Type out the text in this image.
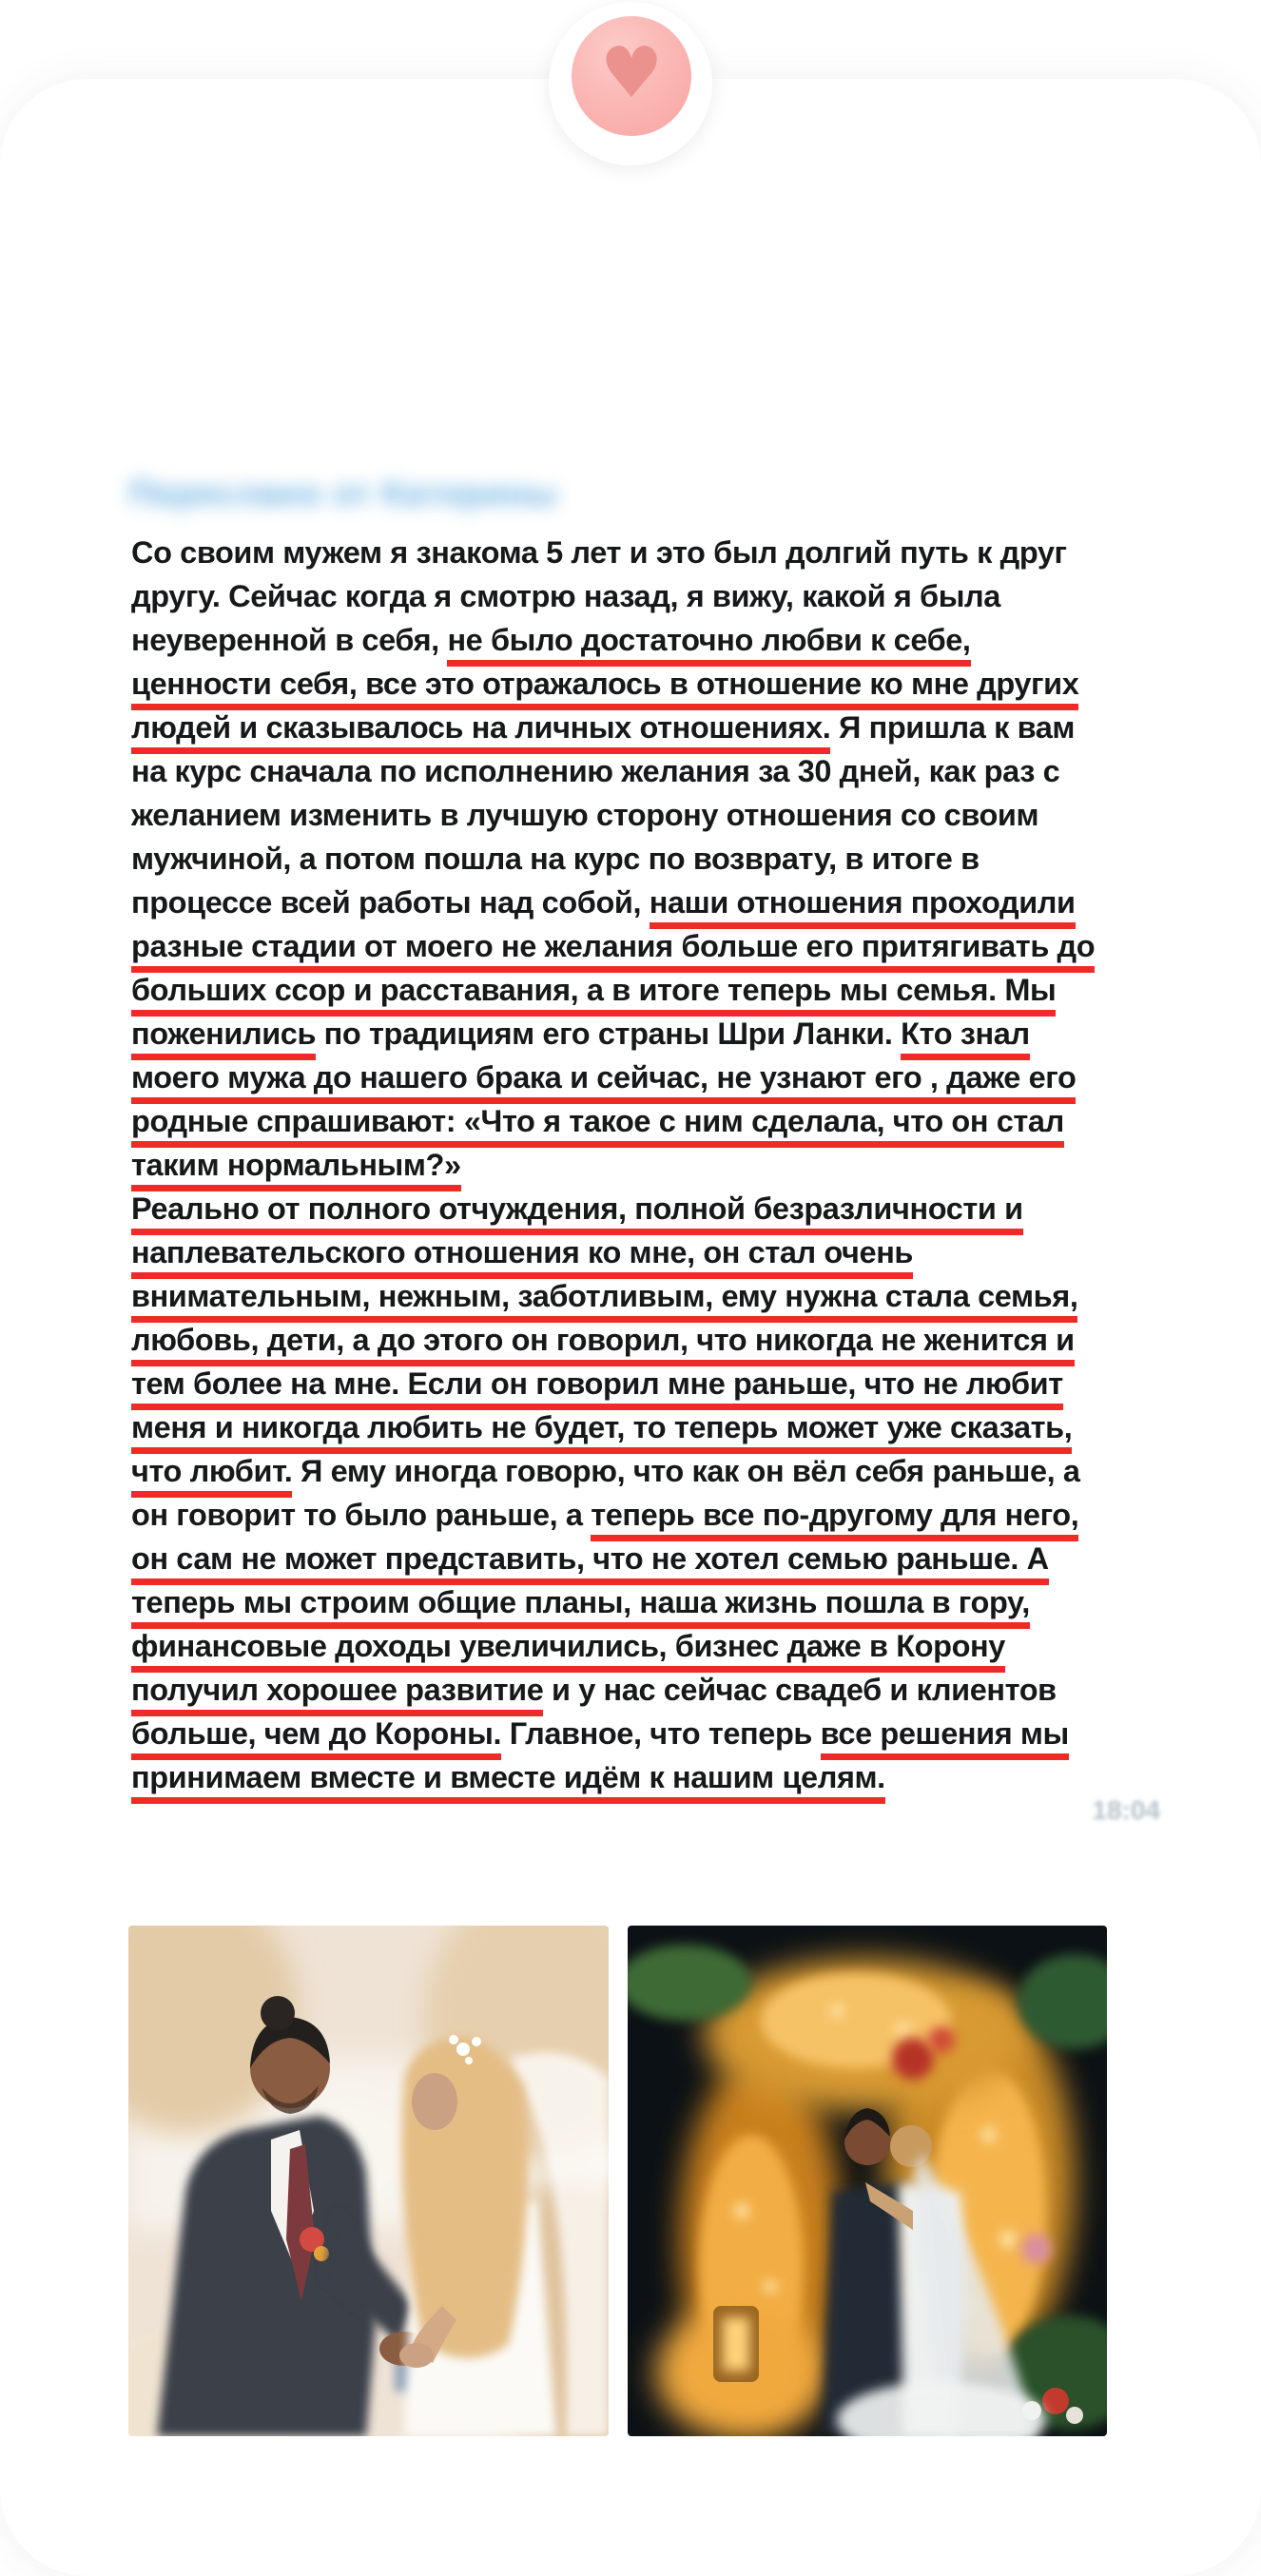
♥
Переслано от Катерины
Со своим мужем я знакома 5 лет и это был долгий путь к друг
другу. Сейчас когда я смотрю назад, я вижу, какой я была
неуверенной в себя, не было достаточно любви к себе,
ценности себя, все это отражалось в отношение ко мне других
людей и сказывалось на личных отношениях. Я пришла к вам
на курс сначала по исполнению желания за 30 дней, как раз с
желанием изменить в лучшую сторону отношения со своим
мужчиной, а потом пошла на курс по возврату, в итоге в
процессе всей работы над собой, наши отношения проходили
разные стадии от моего не желания больше его притягивать до
больших ссор и расставания, а в итоге теперь мы семья. Мы
поженились по традициям его страны Шри Ланки. Кто знал
моего мужа до нашего брака и сейчас, не узнают его , даже его
родные спрашивают: «Что я такое с ним сделала, что он стал
таким нормальным?»
Реально от полного отчуждения, полной безразличности и
наплевательского отношения ко мне, он стал очень
внимательным, нежным, заботливым, ему нужна стала семья,
любовь, дети, а до этого он говорил, что никогда не женится и
тем более на мне. Если он говорил мне раньше, что не любит
меня и никогда любить не будет, то теперь может уже сказать,
что любит. Я ему иногда говорю, что как он вёл себя раньше, а
он говорит то было раньше, а теперь все по-другому для него,
он сам не может представить, что не хотел семью раньше. А
теперь мы строим общие планы, наша жизнь пошла в гору,
финансовые доходы увеличились, бизнес даже в Корону
получил хорошее развитие и у нас сейчас свадеб и клиентов
больше, чем до Короны. Главное, что теперь все решения мы
принимаем вместе и вместе идём к нашим целям.
18:04
